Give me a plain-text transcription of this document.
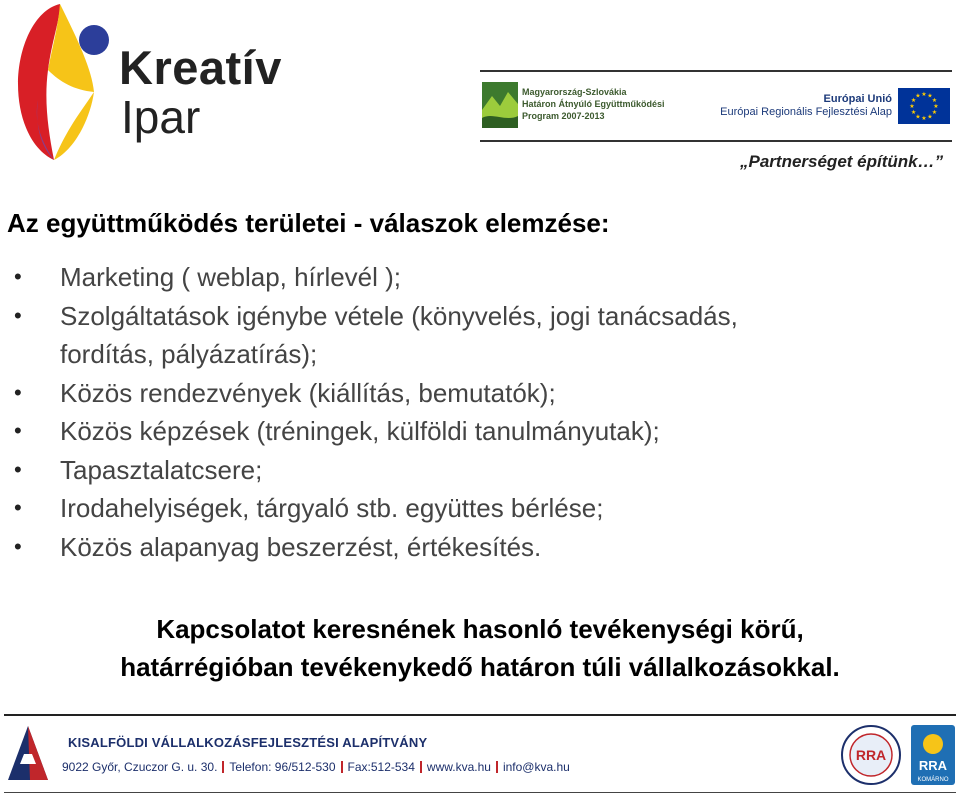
Kreatív
Ipar	Magyarország-Szlovákia
Határon Átnyúló Együttműködési
Program 2007-2013
Európai Unió
Európai Regionális Fejlesztési Alap
★ ★
★
★
★
★
★
★
★
★
★
★
„Partnerséget építünk…”
Az együttműködés területei - válaszok elemzése:
• Marketing ( weblap, hírlevél );
• Szolgáltatások igénybe vétele (könyvelés, jogi tanácsadás,
fordítás, pályázatírás);
• Közös rendezvények (kiállítás, bemutatók);
• Közös képzések (tréningek, külföldi tanulmányutak);
• Tapasztalatcsere;
• Irodahelyiségek, tárgyaló stb. együttes bérlése;
• Közös alapanyag beszerzést, értékesítés.
Kapcsolatot keresnének hasonló tevékenységi körű,
határrégióban tevékenykedő határon túli vállalkozásokkal.
KISALFÖLDI VÁLLALKOZÁSFEJLESZTÉSI ALAPÍTVÁNY
9022 Győr, Czuczor G. u. 30. Telefon: 96/512-530 Fax:512-534 www.kva.hu info@kva.hu
RRA
RRA
KOMÁRNO
